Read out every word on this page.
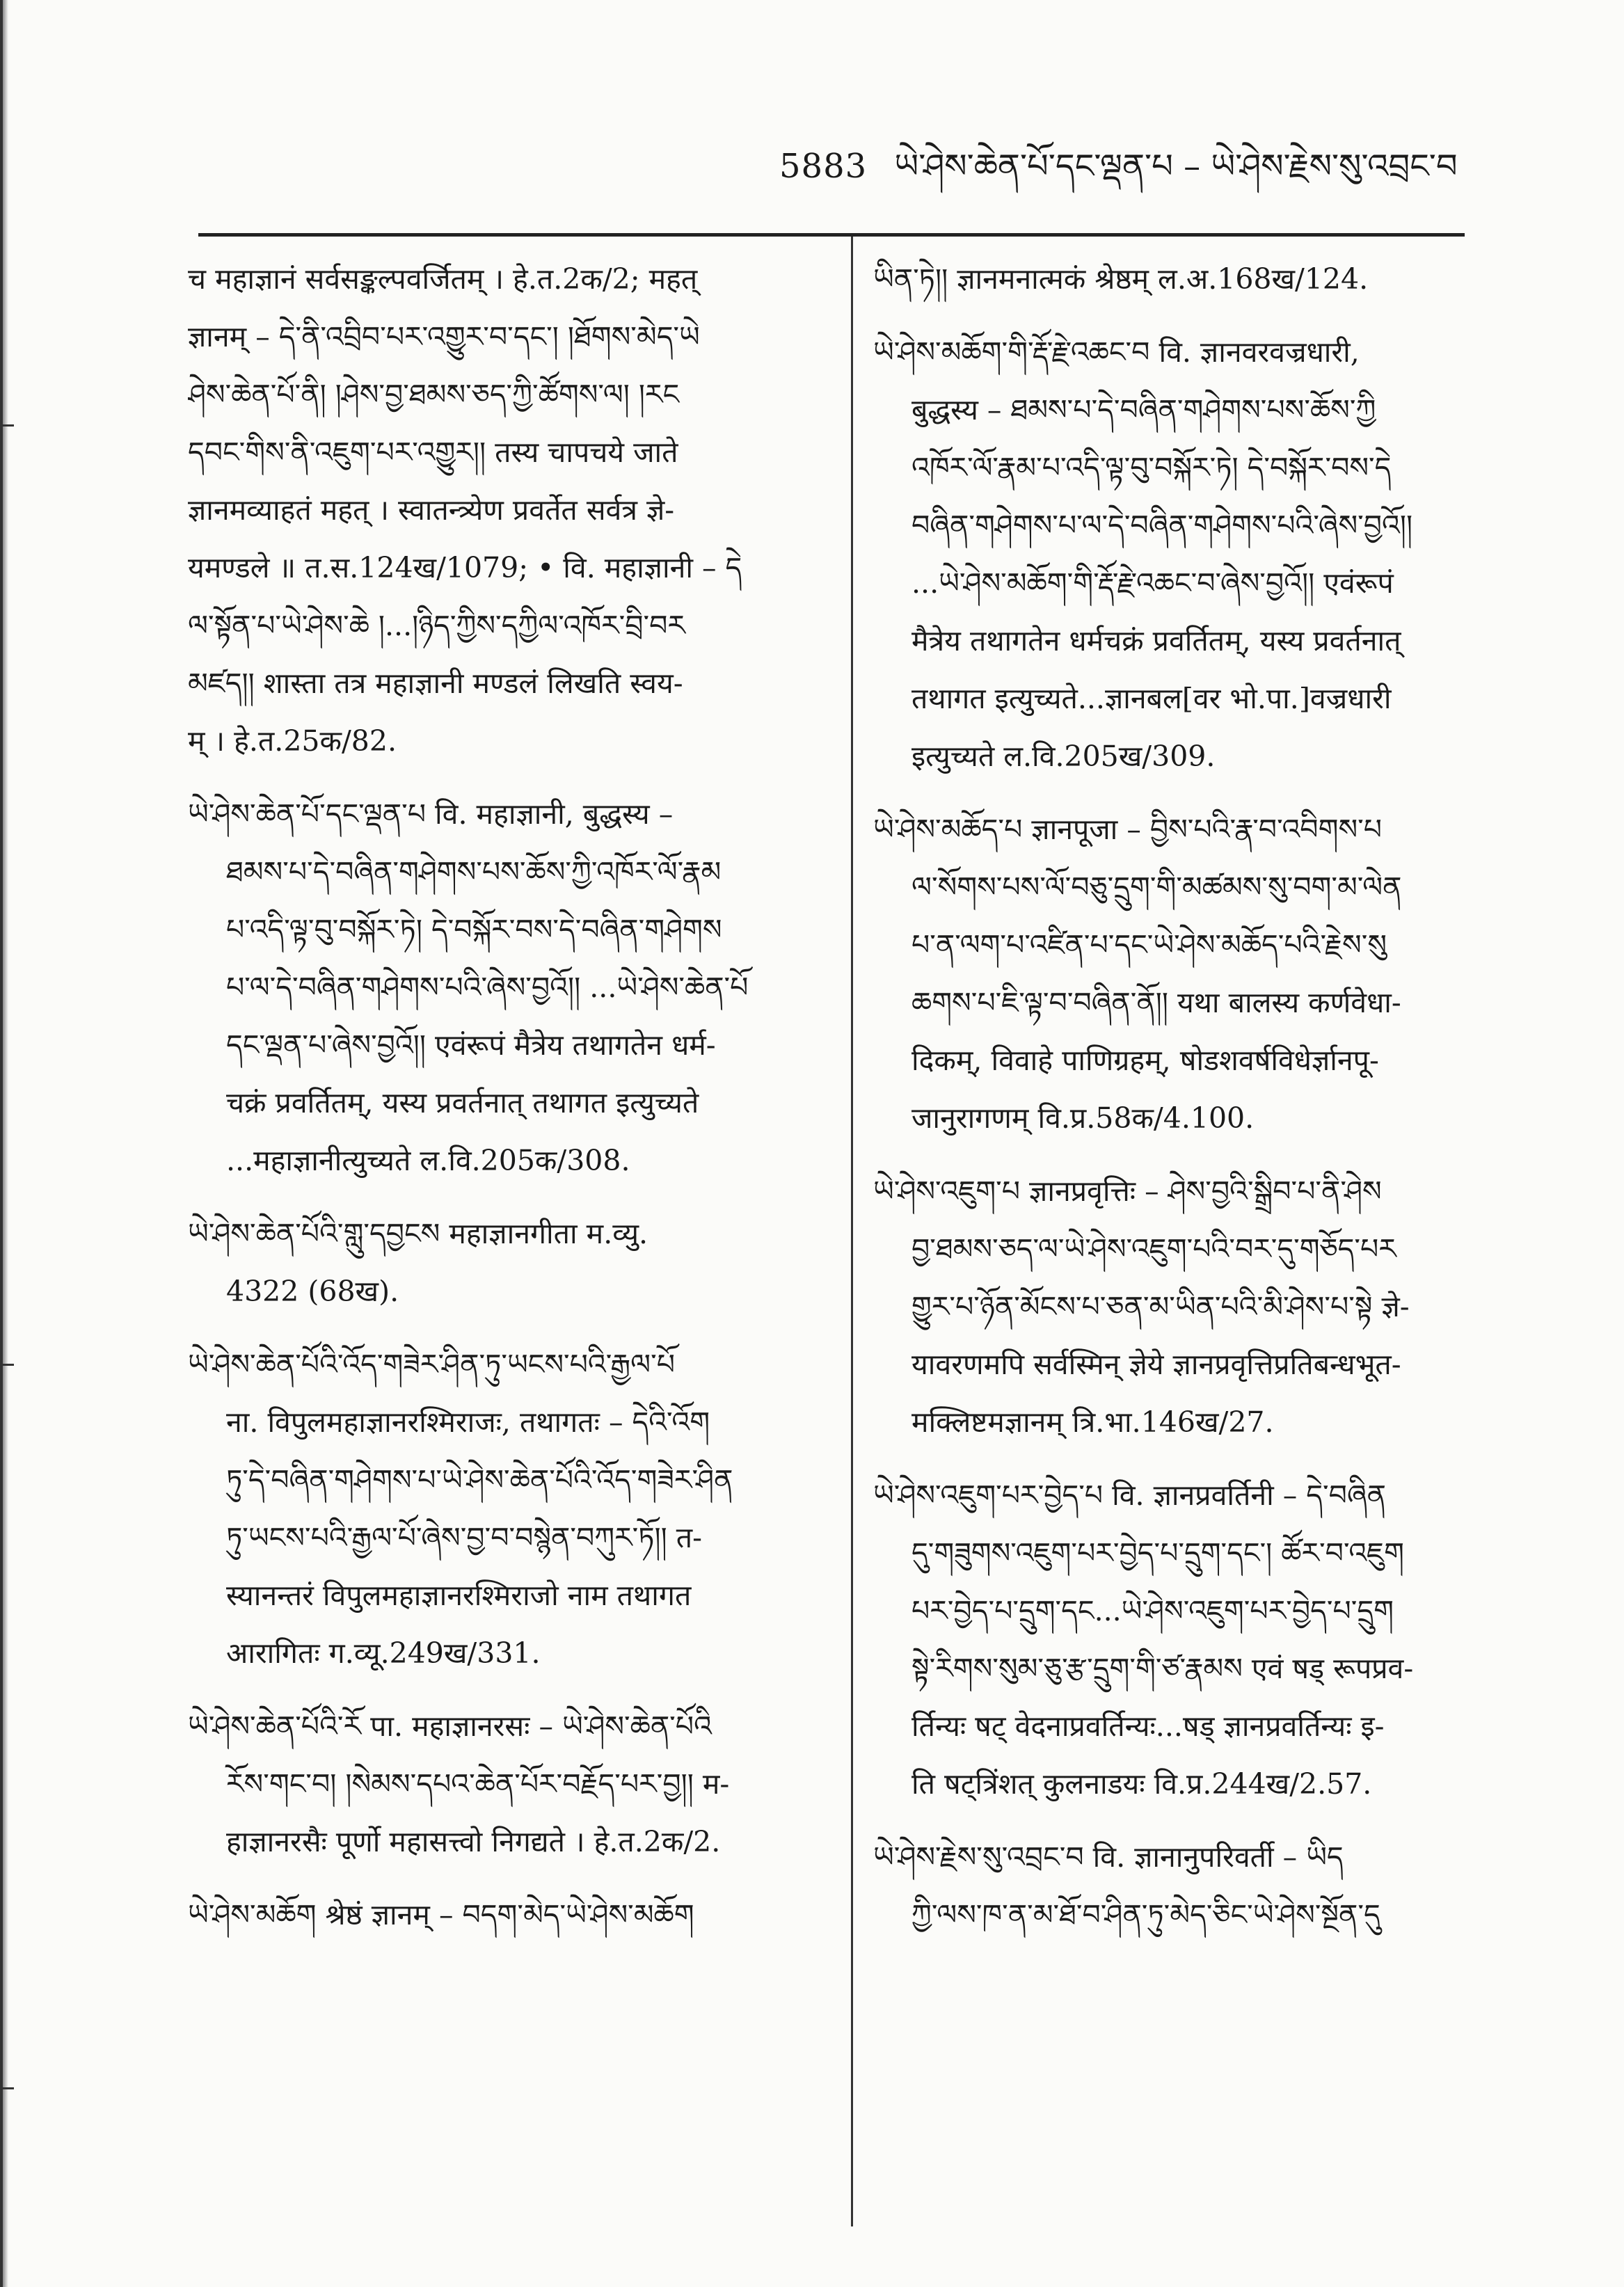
5883 ཡེ་ཤེས་ཆེན་པོ་དང་ལྡན་པ – ཡེ་ཤེས་རྗེས་སུ་འབྲང་བ
च महाज्ञानं सर्वसङ्कल्पवर्जितम् । हे.त.2क/2; महत्
ज्ञानम् – དེ་ནི་འབྲིབ་པར་འགྱུར་བ་དང་། །ཐོགས་མེད་ཡེ
ཤེས་ཆེན་པོ་ནི། །ཤེས་བྱ་ཐམས་ཅད་ཀྱི་ཚོགས་ལ། །རང
དབང་གིས་ནི་འཇུག་པར་འགྱུར།། तस्य चापचये जाते
ज्ञानमव्याहतं महत् । स्वातन्त्र्येण प्रवर्तेत सर्वत्र ज्ञे-
यमण्डले ॥ त.स.124ख/1079; • वि. महाज्ञानी – དེ
ལ་སྟོན་པ་ཡེ་ཤེས་ཆེ །...།ཉིད་ཀྱིས་དཀྱིལ་འཁོར་བྲི་བར
མཛད།། शास्ता तत्र महाज्ञानी मण्डलं लिखति स्वय-
म् । हे.त.25क/82.
ཡེ་ཤེས་ཆེན་པོ་དང་ལྡན་པ वि. महाज्ञानी, बुद्धस्य –
ཐམས་པ་དེ་བཞིན་གཤེགས་པས་ཆོས་ཀྱི་འཁོར་ལོ་རྣམ
པ་འདི་ལྟ་བུ་བསྐོར་ཏེ། དེ་བསྐོར་བས་དེ་བཞིན་གཤེགས
པ་ལ་དེ་བཞིན་གཤེགས་པའི་ཞེས་བྱའོ།། ...ཡེ་ཤེས་ཆེན་པོ
དང་ལྡན་པ་ཞེས་བྱའོ།། एवंरूपं मैत्रेय तथागतेन धर्म-
चक्रं प्रवर्तितम्, यस्य प्रवर्तनात् तथागत इत्युच्यते
...महाज्ञानीत्युच्यते ल.वि.205क/308.
ཡེ་ཤེས་ཆེན་པོའི་གླུ་དབྱངས महाज्ञानगीता म.व्यु.
4322 (68ख).
ཡེ་ཤེས་ཆེན་པོའི་འོད་གཟེར་ཤིན་ཏུ་ཡངས་པའི་རྒྱལ་པོ
ना. विपुलमहाज्ञानरश्मिराजः, तथागतः – དེའི་འོག
ཏུ་དེ་བཞིན་གཤེགས་པ་ཡེ་ཤེས་ཆེན་པོའི་འོད་གཟེར་ཤིན
ཏུ་ཡངས་པའི་རྒྱལ་པོ་ཞེས་བྱ་བ་བསྙེན་བཀུར་ཏོ།། त-
स्यानन्तरं विपुलमहाज्ञानरश्मिराजो नाम तथागत
आरागितः ग.व्यू.249ख/331.
ཡེ་ཤེས་ཆེན་པོའི་རོ पा. महाज्ञानरसः – ཡེ་ཤེས་ཆེན་པོའི
རོས་གང་བ། །སེམས་དཔའ་ཆེན་པོར་བརྗོད་པར་བྱ།། म-
हाज्ञानरसैः पूर्णो महासत्त्वो निगद्यते । हे.त.2क/2.
ཡེ་ཤེས་མཆོག श्रेष्ठं ज्ञानम् – བདག་མེད་ཡེ་ཤེས་མཆོག
ཡིན་ཏེ།། ज्ञानमनात्मकं श्रेष्ठम् ल.अ.168ख/124.
ཡེ་ཤེས་མཆོག་གི་རྡོ་རྗེ་འཆང་བ वि. ज्ञानवरवज्रधारी,
बुद्धस्य – ཐམས་པ་དེ་བཞིན་གཤེགས་པས་ཆོས་ཀྱི
འཁོར་ལོ་རྣམ་པ་འདི་ལྟ་བུ་བསྐོར་ཏེ། དེ་བསྐོར་བས་དེ
བཞིན་གཤེགས་པ་ལ་དེ་བཞིན་གཤེགས་པའི་ཞེས་བྱའོ།།
...ཡེ་ཤེས་མཆོག་གི་རྡོ་རྗེ་འཆང་བ་ཞེས་བྱའོ།། एवंरूपं
मैत्रेय तथागतेन धर्मचक्रं प्रवर्तितम्, यस्य प्रवर्तनात्
तथागत इत्युच्यते...ज्ञानबल[वर भो.पा.]वज्रधारी
इत्युच्यते ल.वि.205ख/309.
ཡེ་ཤེས་མཆོད་པ ज्ञानपूजा – བྱིས་པའི་རྣ་བ་འབིགས་པ
ལ་སོགས་པས་ལོ་བཅུ་དྲུག་གི་མཚམས་སུ་བག་མ་ལེན
པ་ན་ལག་པ་འཛིན་པ་དང་ཡེ་ཤེས་མཆོད་པའི་རྗེས་སུ
ཆགས་པ་ཇི་ལྟ་བ་བཞིན་ནོ།། यथा बालस्य कर्णवेधा-
दिकम्, विवाहे पाणिग्रहम्, षोडशवर्षविधेर्ज्ञानपू-
जानुरागणम् वि.प्र.58क/4.100.
ཡེ་ཤེས་འཇུག་པ ज्ञानप्रवृत्तिः – ཤེས་བྱའི་སྒྲིབ་པ་ནི་ཤེས
བྱ་ཐམས་ཅད་ལ་ཡེ་ཤེས་འཇུག་པའི་བར་དུ་གཅོད་པར
གྱུར་པ་ཉོན་མོངས་པ་ཅན་མ་ཡིན་པའི་མི་ཤེས་པ་སྟེ ज्ञे-
यावरणमपि सर्वस्मिन् ज्ञेये ज्ञानप्रवृत्तिप्रतिबन्धभूत-
मक्लिष्टमज्ञानम् त्रि.भा.146ख/27.
ཡེ་ཤེས་འཇུག་པར་བྱེད་པ वि. ज्ञानप्रवर्तिनी – དེ་བཞིན
དུ་གཟུགས་འཇུག་པར་བྱེད་པ་དྲུག་དང་། ཚོར་བ་འཇུག
པར་བྱེད་པ་དྲུག་དང...ཡེ་ཤེས་འཇུག་པར་བྱེད་པ་དྲུག
སྟེ་རིགས་སུམ་ཅུ་རྩ་དྲུག་གི་ཙ་རྣམས एवं षड् रूपप्रव-
र्तिन्यः षट् वेदनाप्रवर्तिन्यः...षड् ज्ञानप्रवर्तिन्यः इ-
ति षट्त्रिंशत् कुलनाडयः वि.प्र.244ख/2.57.
ཡེ་ཤེས་རྗེས་སུ་འབྲང་བ वि. ज्ञानानुपरिवर्ती – ཡིད
ཀྱི་ལས་ཁ་ན་མ་ཐོ་བ་ཤིན་ཏུ་མེད་ཅིང་ཡེ་ཤེས་སྔོན་དུ
